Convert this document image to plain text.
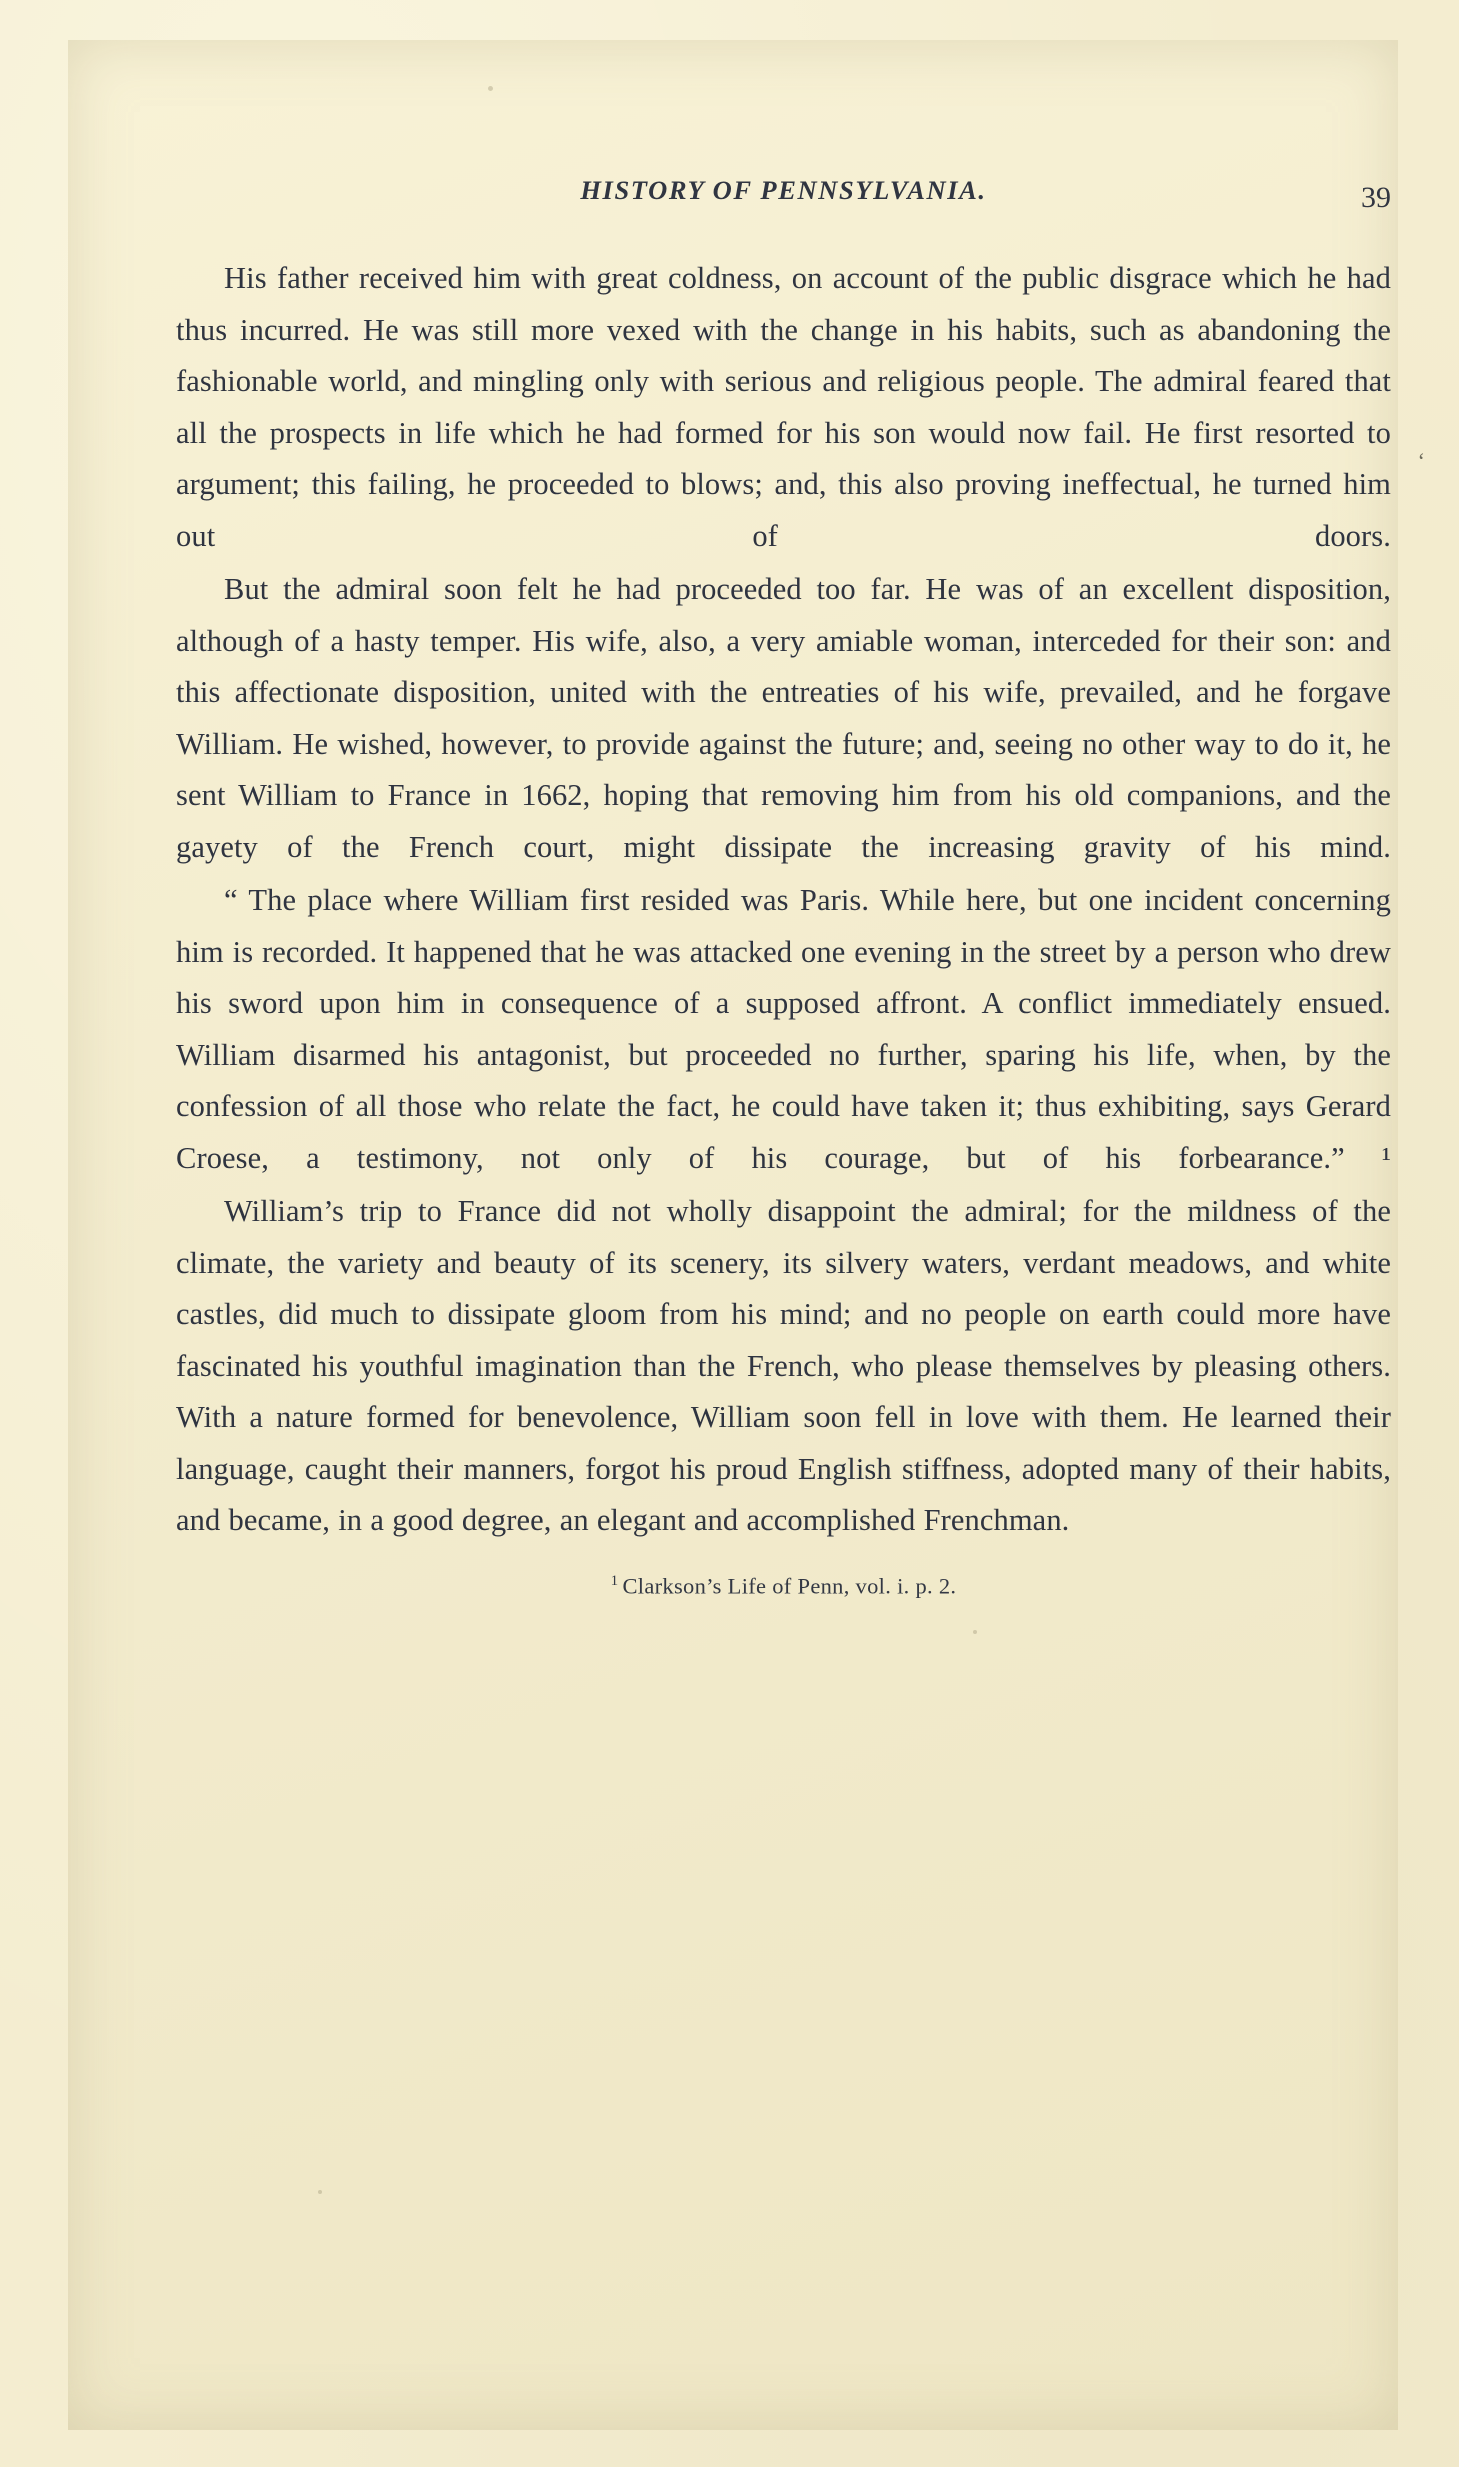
HISTORY OF PENNSYLVANIA.	39
‘

His father received him with great coldness, on account of the public disgrace which he had thus incurred. He was still more vexed with the change in his habits, such as abandoning the fashionable world, and mingling only with serious and religious people. The admiral feared that all the prospects in life which he had formed for his son would now fail. He first resorted to argument; this failing, he proceeded to blows; and, this also proving ineffectual, he turned him out of doors.

But the admiral soon felt he had proceeded too far. He was of an excellent disposition, although of a hasty temper. His wife, also, a very amiable woman, interceded for their son: and this affectionate disposition, united with the entreaties of his wife, prevailed, and he forgave William. He wished, however, to provide against the future; and, seeing no other way to do it, he sent William to France in 1662, hoping that removing him from his old companions, and the gayety of the French court, might dissipate the increasing gravity of his mind.

“ The place where William first resided was Paris. While here, but one incident concerning him is recorded. It happened that he was attacked one evening in the street by a person who drew his sword upon him in consequence of a supposed affront. A conflict immediately ensued. William disarmed his antagonist, but proceeded no further, sparing his life, when, by the confession of all those who relate the fact, he could have taken it; thus exhibiting, says Gerard Croese, a testimony, not only of his courage, but of his forbearance.” ¹

William’s trip to France did not wholly disappoint the admiral; for the mildness of the climate, the variety and beauty of its scenery, its silvery waters, verdant meadows, and white castles, did much to dissipate gloom from his mind; and no people on earth could more have fascinated his youthful imagination than the French, who please themselves by pleasing others. With a nature formed for benevolence, William soon fell in love with them. He learned their language, caught their manners, forgot his proud English stiffness, adopted many of their habits, and became, in a good degree, an elegant and accomplished Frenchman.

$^1$ Clarkson’s Life of Penn, vol. i. p. 2.
